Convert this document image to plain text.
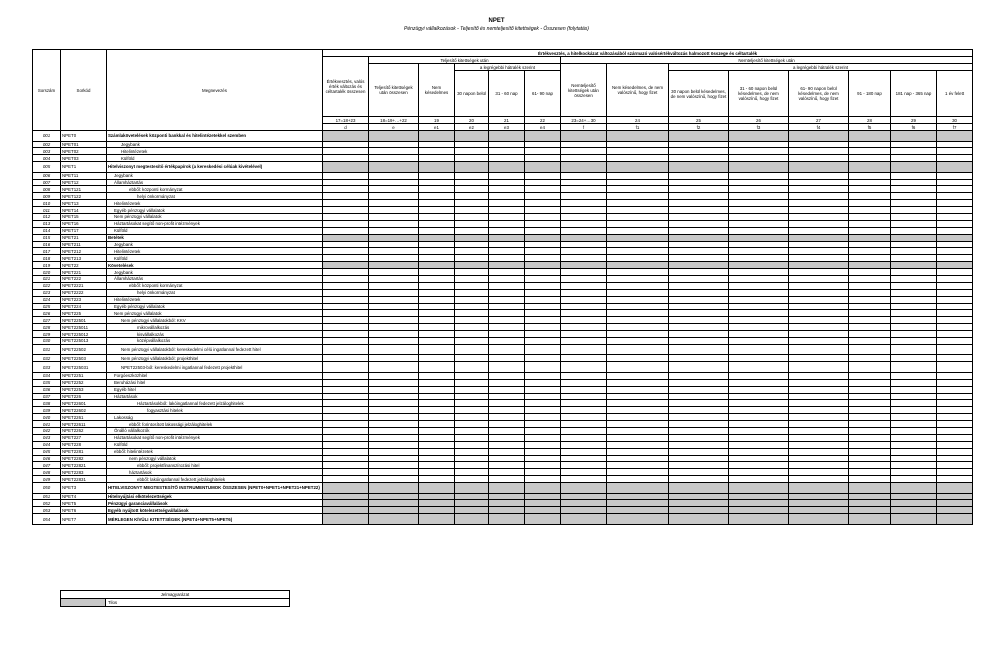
NPET
Pénzügyi vállalkozások - Teljesítő és nemteljesítő kitettségek - Összesen (folytatás)
Sorszám	Sorkód	Megnevezés	Értékvesztés, a hitelkockázat változásából származó valósértékváltozás halmozott összege és céltartalék													
			Értékvesztés, valós érték változás és céltartalék összesen	Teljesítő kitettségek után					Nemteljesítő kitettségek után							
				Teljesítő kitettségek után összesen	Nem késedelmes	a legrégebbi hátralék szerint			Nemteljesítő kitettségek után összesen	Nem késedelmes, de nem valószínű, hogy fizet	a legrégebbi hátralék szerint					
						30 napon belül	31 - 60 nap	61- 90 nap			30 napon belül késedelmes, de nem valószínű, hogy fizet	31 - 60 napon belül késedelmes, de nem valószínű, hogy fizet	61- 90 napon belül késedelmes, de nem valószínű, hogy fizet	91 - 180 nap	181 nap - 365 nap	1 év felett
			17=18+23	18=19+…+22	19	20	21	22	23=24+…30	24	25	26	27	28	29	30
			d	e	e1	e2	e3	e4	f	f1	f2	f3	f4	f5	f6	f7
001	NPET0	Számlakövetelések központi bankkal és hitelintézetekkel szemben														
002	NPET01	Jegybank														
003	NPET02	Hitelintézetek														
004	NPET03	Külföld														
005	NPET1	Hitelviszonyt megtestesítő értékpapírok (a kereskedési célúak kivételével)														
006	NPET11	Jegybank														
007	NPET12	Államháztartás														
008	NPET121	ebből: központi kormányzat														
009	NPET122	helyi önkormányzat														
010	NPET13	Hitelintézetek														
011	NPET14	Egyéb pénzügyi vállalatok														
012	NPET15	Nem pénzügyi vállalatok														
013	NPET16	Háztartásokat segítő non-profit intézmények														
014	NPET17	Külföld														
015	NPET21	Betétek														
016	NPET211	Jegybank														
017	NPET212	Hitelintézetek														
018	NPET213	Külföld														
019	NPET22	Követelések														
020	NPET221	Jegybank														
021	NPET222	Államháztartás														
022	NPET2221	ebből: központi kormányzat														
023	NPET2222	helyi önkormányzat														
024	NPET223	Hitelintézetek														
025	NPET224	Egyéb pénzügyi vállalatok														
026	NPET225	Nem pénzügyi vállalatok														
027	NPET22501	Nem pénzügyi vállalatokból: KKV														
028	NPET225011	mikrovállalkozás														
029	NPET225012	kisvállalkozás														
030	NPET225013	középvállalkozás														
031	NPET22502	Nem pénzügyi vállalatokból: kereskedelmi célú ingatlannal fedezett hitel														
032	NPET22503	Nem pénzügyi vállalatokból: projekthitel														
033	NPET225031	NPET22503-ból: kereskedelmi ingatlannal fedezett projekthitel														
034	NPET2251	Forgóeszközhitel														
035	NPET2252	Beruházási hitel														
036	NPET2253	Egyéb hitel														
037	NPET226	Háztartások														
038	NPET22601	Háztartásokból: lakóingatlannal fedezett jelzáloghitelek														
039	NPET22602	fogyasztási hitelek														
040	NPET2261	Lakosság														
041	NPET22611	ebből: forintosított lakossági jelzáloghitelek														
042	NPET2262	Önálló vállalkozók														
043	NPET227	Háztartásokat segítő non-profit intézmények														
044	NPET228	Külföld														
045	NPET2281	ebből: hitelintézetek														
046	NPET2282	nem pénzügyi vállalatok														
047	NPET22821	ebből: projektfinanszírozási hitel														
048	NPET2283	háztartások														
049	NPET22831	ebből: lakóingatlannal fedezett jelzáloghitelek														
050	NPET3	HITELVISZONYT MEGTESTESÍTŐ INSTRUMENTUMOK ÖSSZESEN (NPET0+NPET1+NPET21+NPET22)														
051	NPET4	Hitelnyújtási elkötelezettségek														
052	NPET5	Pénzügyi garanciavállalások														
053	NPET6	Egyéb nyújtott kötelezettségvállalások														
054	NPET7	MÉRLEGEN KÍVÜLI KITETTSÉGEK (NPET4+NPET5+NPET6)														
Jelmagyarázat
	Tilos
